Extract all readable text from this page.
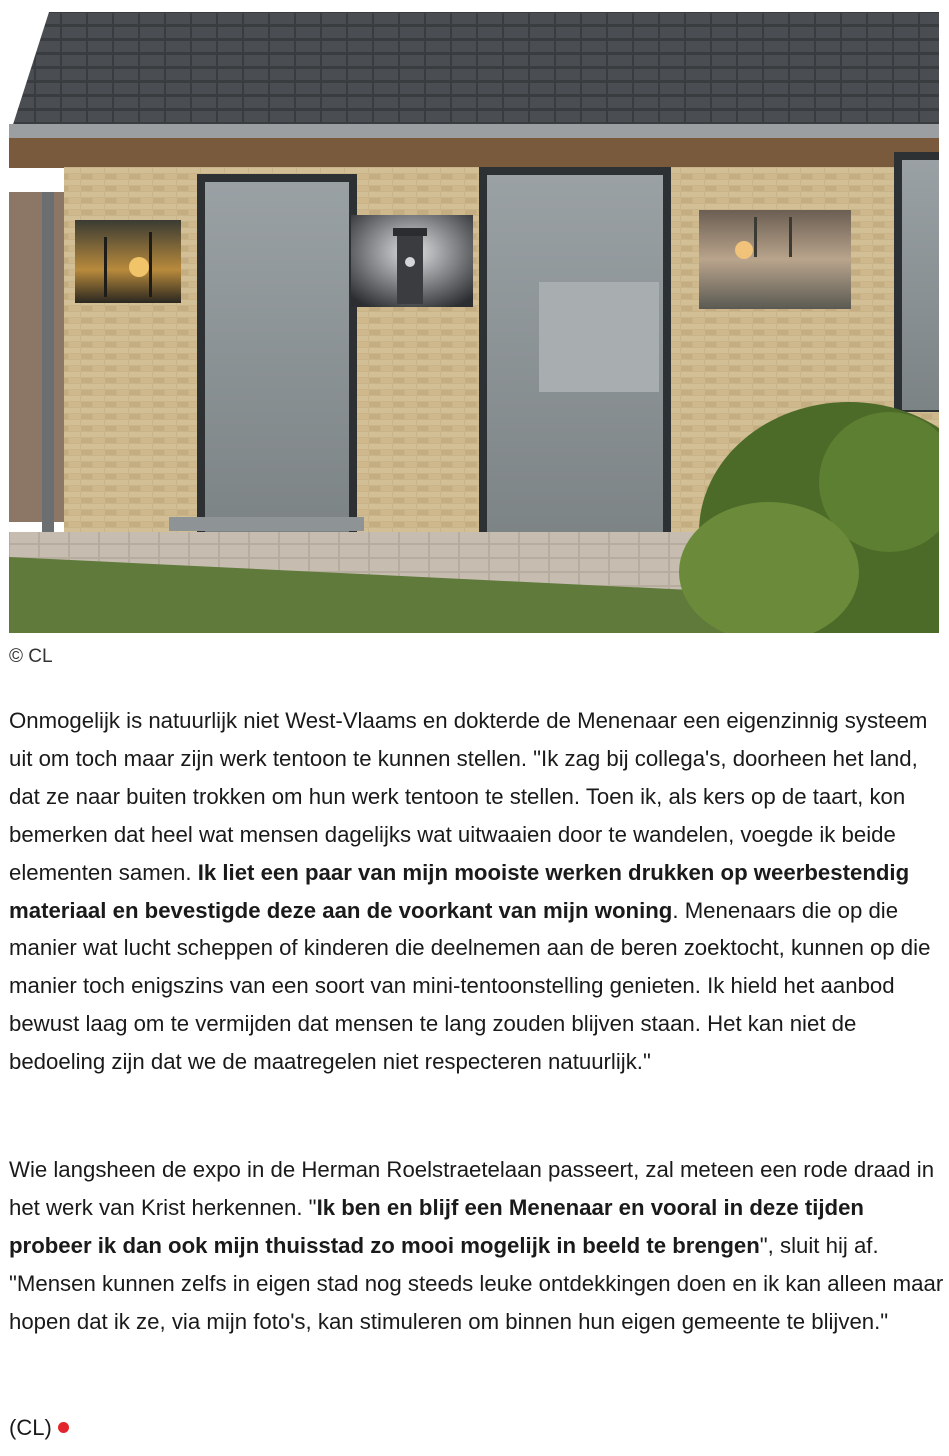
© CL

Onmogelijk is natuurlijk niet West-Vlaams en dokterde de Menenaar een eigenzinnig systeem uit om toch maar zijn werk tentoon te kunnen stellen. "Ik zag bij collega's, doorheen het land, dat ze naar buiten trokken om hun werk tentoon te stellen. Toen ik, als kers op de taart, kon bemerken dat heel wat mensen dagelijks wat uitwaaien door te wandelen, voegde ik beide elementen samen. Ik liet een paar van mijn mooiste werken drukken op weerbestendig materiaal en bevestigde deze aan de voorkant van mijn woning. Menenaars die op die manier wat lucht scheppen of kinderen die deelnemen aan de beren zoektocht, kunnen op die manier toch enigszins van een soort van mini-tentoonstelling genieten. Ik hield het aanbod bewust laag om te vermijden dat mensen te lang zouden blijven staan. Het kan niet de bedoeling zijn dat we de maatregelen niet respecteren natuurlijk."

Wie langsheen de expo in de Herman Roelstraetelaan passeert, zal meteen een rode draad in het werk van Krist herkennen. "Ik ben en blijf een Menenaar en vooral in deze tijden probeer ik dan ook mijn thuisstad zo mooi mogelijk in beeld te brengen", sluit hij af. "Mensen kunnen zelfs in eigen stad nog steeds leuke ontdekkingen doen en ik kan alleen maar hopen dat ik ze, via mijn foto's, kan stimuleren om binnen hun eigen gemeente te blijven."

(CL)
